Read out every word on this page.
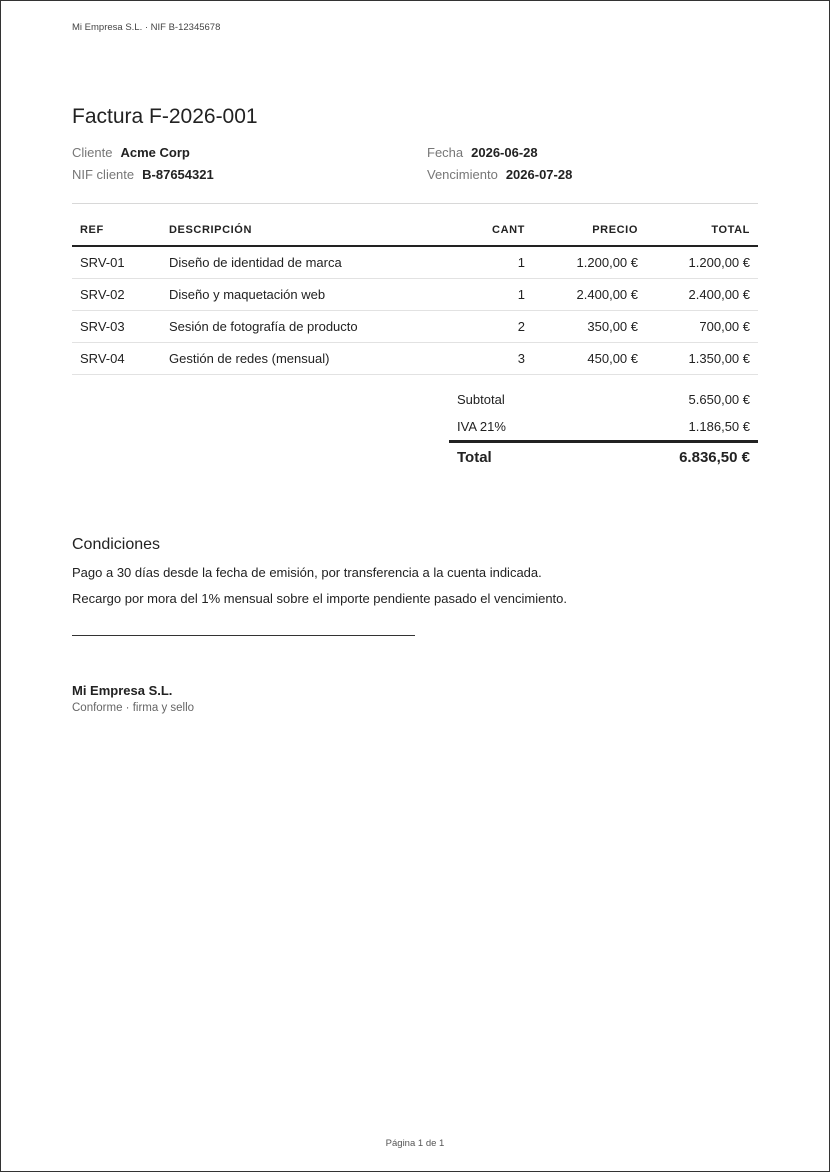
Mi Empresa S.L. · NIF B-12345678
Factura F-2026-001
Cliente Acme Corp	Fecha 2026-06-28
NIF cliente B-87654321	Vencimiento 2026-07-28
REF	DESCRIPCIÓN	CANT	PRECIO	TOTAL
SRV-01	Diseño de identidad de marca	1	1.200,00 €	1.200,00 €
SRV-02	Diseño y maquetación web	1	2.400,00 €	2.400,00 €
SRV-03	Sesión de fotografía de producto	2	350,00 €	700,00 €
SRV-04	Gestión de redes (mensual)	3	450,00 €	1.350,00 €
Subtotal	5.650,00 €
IVA 21%	1.186,50 €
Total	6.836,50 €
Condiciones

Pago a 30 días desde la fecha de emisión, por transferencia a la cuenta indicada.

Recargo por mora del 1% mensual sobre el importe pendiente pasado el vencimiento.

Mi Empresa S.L.
Conforme · firma y sello
Página 1 de 1
